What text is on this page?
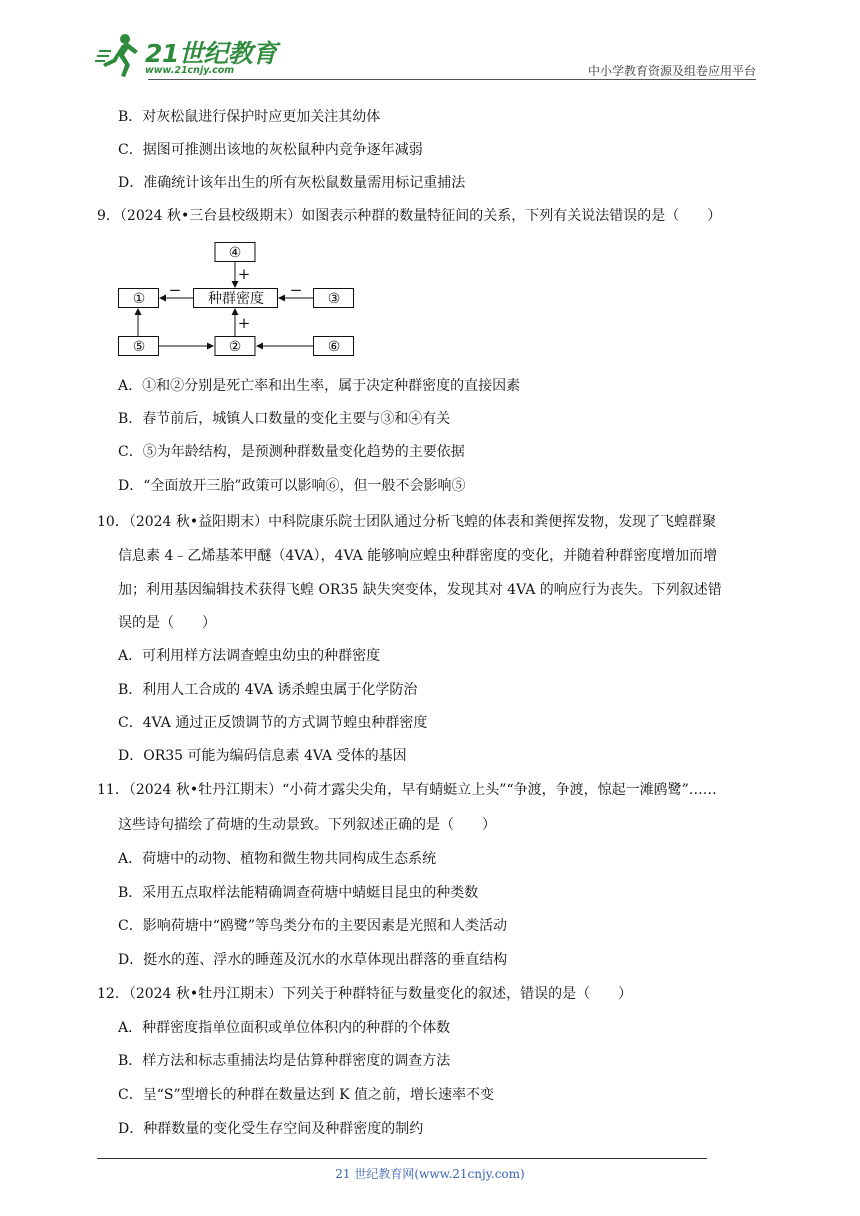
21世纪教育
www.21cnjy.com	中小学教育资源及组卷应用平台
B．对灰松鼠进行保护时应更加关注其幼体
C．据图可推测出该地的灰松鼠种内竞争逐年减弱
D．准确统计该年出生的所有灰松鼠数量需用标记重捕法
9．（2024 秋•三台县校级期末）如图表示种群的数量特征间的关系，下列有关说法错误的是（　　）
④
①	种群密度	③
⑤	②	⑥
+
+
−	−
A．①和②分别是死亡率和出生率，属于决定种群密度的直接因素
B．春节前后，城镇人口数量的变化主要与③和④有关
C．⑤为年龄结构，是预测种群数量变化趋势的主要依据
D．“全面放开三胎”政策可以影响⑥，但一般不会影响⑤
10．（2024 秋•益阳期末）中科院康乐院士团队通过分析飞蝗的体表和粪便挥发物，发现了飞蝗群聚
信息素 4﹣乙烯基苯甲醚（4VA），4VA 能够响应蝗虫种群密度的变化，并随着种群密度增加而增
加；利用基因编辑技术获得飞蝗 OR35 缺失突变体，发现其对 4VA 的响应行为丧失。下列叙述错
误的是（　　）
A．可利用样方法调查蝗虫幼虫的种群密度
B．利用人工合成的 4VA 诱杀蝗虫属于化学防治
C．4VA 通过正反馈调节的方式调节蝗虫种群密度
D．OR35 可能为编码信息素 4VA 受体的基因
11．（2024 秋•牡丹江期末）“小荷才露尖尖角，早有蜻蜓立上头”“争渡，争渡，惊起一滩鸥鹭”……
这些诗句描绘了荷塘的生动景致。下列叙述正确的是（　　）
A．荷塘中的动物、植物和微生物共同构成生态系统
B．采用五点取样法能精确调查荷塘中蜻蜓目昆虫的种类数
C．影响荷塘中“鸥鹭”等鸟类分布的主要因素是光照和人类活动
D．挺水的莲、浮水的睡莲及沉水的水草体现出群落的垂直结构
12．（2024 秋•牡丹江期末）下列关于种群特征与数量变化的叙述，错误的是（　　）
A．种群密度指单位面积或单位体积内的种群的个体数
B．样方法和标志重捕法均是估算种群密度的调查方法
C．呈“S”型增长的种群在数量达到 K 值之前，增长速率不变
D．种群数量的变化受生存空间及种群密度的制约
21 世纪教育网(www.21cnjy.com)
